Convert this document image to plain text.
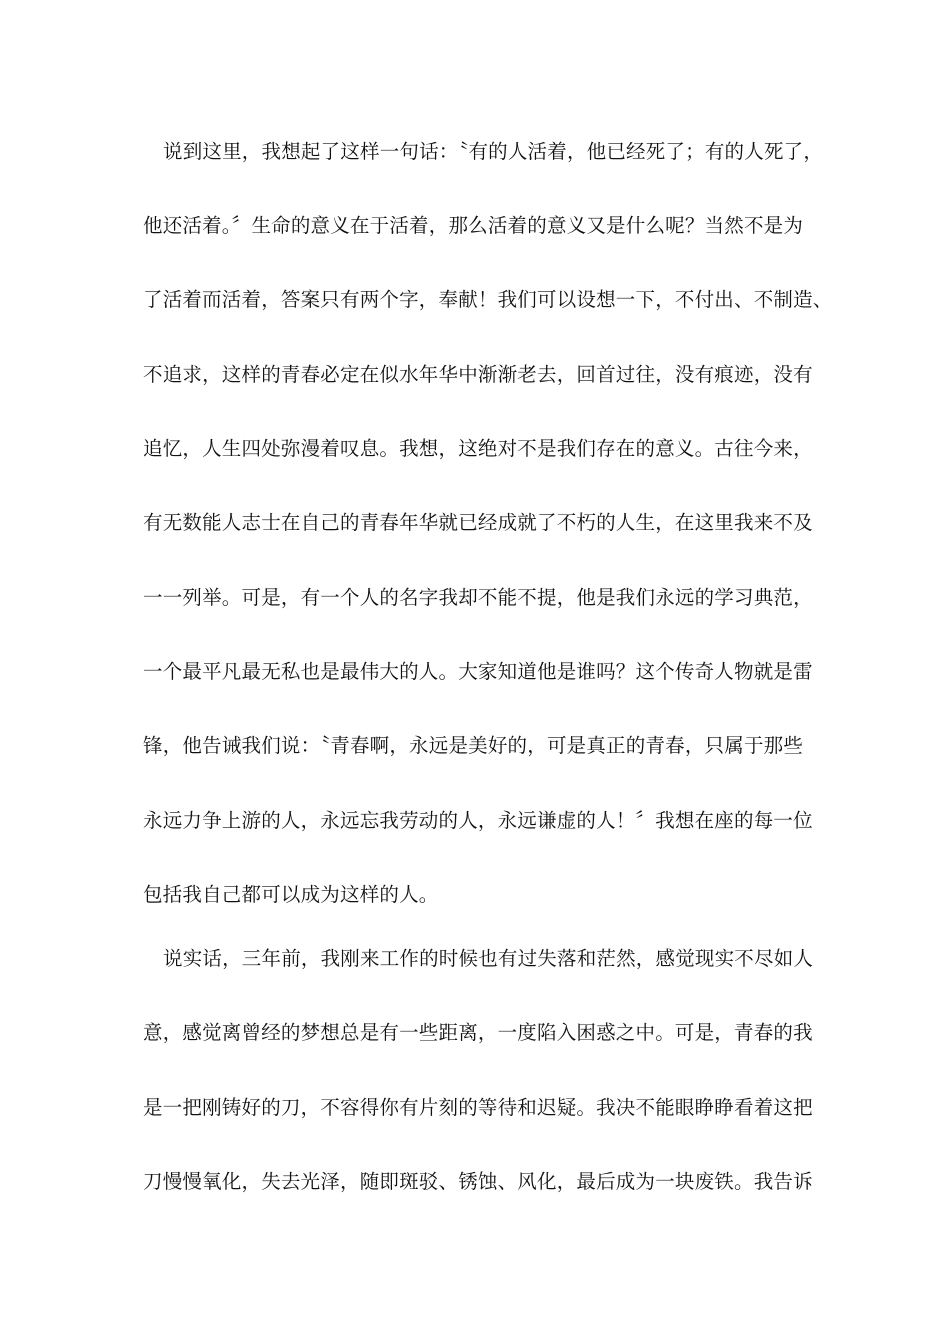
说到这里，我想起了这样一句话：〝有的人活着，他已经死了；有的人死了，
他还活着。〞生命的意义在于活着，那么活着的意义又是什么呢？当然不是为
了活着而活着，答案只有两个字，奉献！我们可以设想一下，不付出、不制造、
不追求，这样的青春必定在似水年华中渐渐老去，回首过往，没有痕迹，没有
追忆，人生四处弥漫着叹息。我想，这绝对不是我们存在的意义。古往今来，
有无数能人志士在自己的青春年华就已经成就了不朽的人生，在这里我来不及
一一列举。可是，有一个人的名字我却不能不提，他是我们永远的学习典范，
一个最平凡最无私也是最伟大的人。大家知道他是谁吗？这个传奇人物就是雷
锋，他告诫我们说：〝青春啊，永远是美好的，可是真正的青春，只属于那些
永远力争上游的人，永远忘我劳动的人，永远谦虚的人！〞我想在座的每一位
包括我自己都可以成为这样的人。
说实话，三年前，我刚来工作的时候也有过失落和茫然，感觉现实不尽如人
意，感觉离曾经的梦想总是有一些距离，一度陷入困惑之中。可是，青春的我
是一把刚铸好的刀，不容得你有片刻的等待和迟疑。我决不能眼睁睁看着这把
刀慢慢氧化，失去光泽，随即斑驳、锈蚀、风化，最后成为一块废铁。我告诉
